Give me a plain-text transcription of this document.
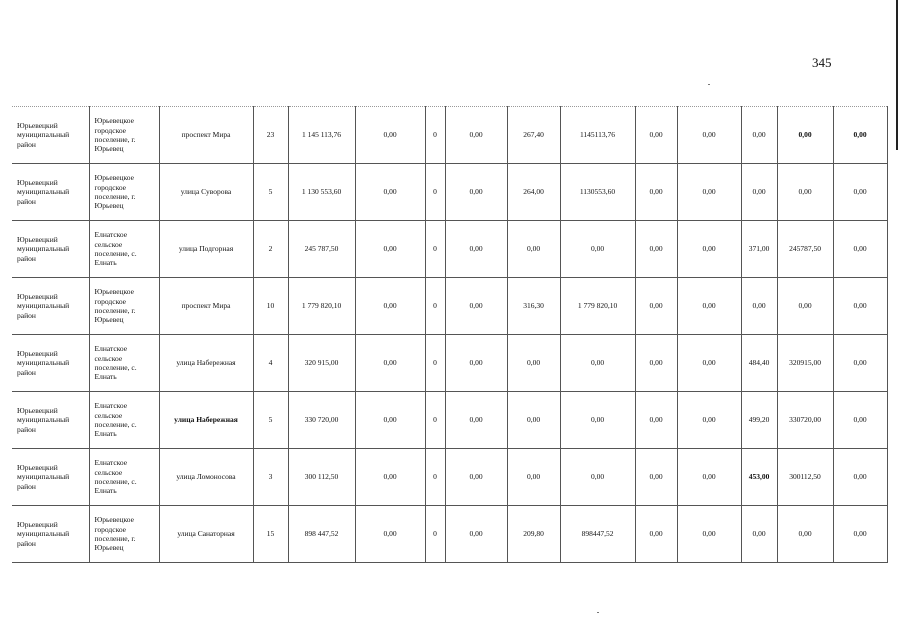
345
Юрьевецкий муниципальный район	Юрьевецкое городское поселение, г. Юрьевец	проспект Мира	23	1 145 113,76	0,00	0	0,00	267,40	1145113,76	0,00	0,00	0,00	0,00	0,00
Юрьевецкий муниципальный район	Юрьевецкое городское поселение, г. Юрьевец	улица Суворова	5	1 130 553,60	0,00	0	0,00	264,00	1130553,60	0,00	0,00	0,00	0,00	0,00
Юрьевецкий муниципальный район	Елнатское сельское поселение, с. Елнать	улица Подгорная	2	245 787,50	0,00	0	0,00	0,00	0,00	0,00	0,00	371,00	245787,50	0,00
Юрьевецкий муниципальный район	Юрьевецкое городское поселение, г. Юрьевец	проспект Мира	10	1 779 820,10	0,00	0	0,00	316,30	1 779 820,10	0,00	0,00	0,00	0,00	0,00
Юрьевецкий муниципальный район	Елнатское сельское поселение, с. Елнать	улица Набережная	4	320 915,00	0,00	0	0,00	0,00	0,00	0,00	0,00	484,40	320915,00	0,00
Юрьевецкий муниципальный район	Елнатское сельское поселение, с. Елнать	улица Набережная	5	330 720,00	0,00	0	0,00	0,00	0,00	0,00	0,00	499,20	330720,00	0,00
Юрьевецкий муниципальный район	Елнатское сельское поселение, с. Елнать	улица Ломоносова	3	300 112,50	0,00	0	0,00	0,00	0,00	0,00	0,00	453,00	300112,50	0,00
Юрьевецкий муниципальный район	Юрьевецкое городское поселение, г. Юрьевец	улица Санаторная	15	898 447,52	0,00	0	0,00	209,80	898447,52	0,00	0,00	0,00	0,00	0,00
